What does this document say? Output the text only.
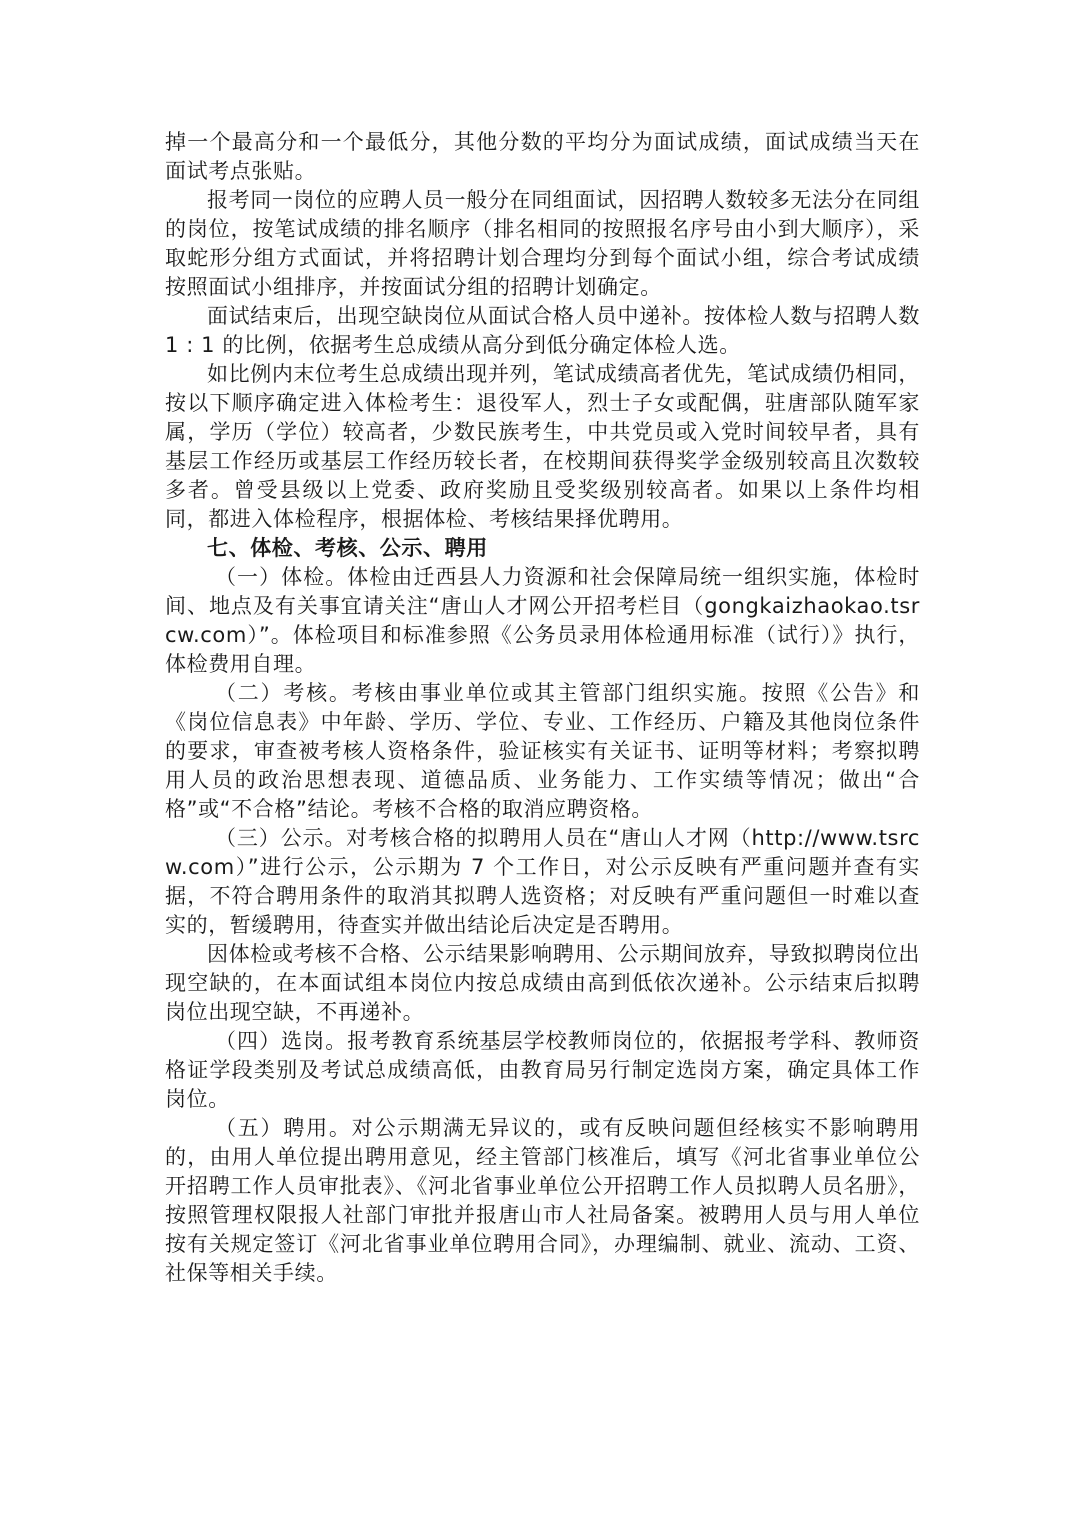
掉一个最高分和一个最低分，其他分数的平均分为面试成绩，面试成绩当天在面试考点张贴。

报考同一岗位的应聘人员一般分在同组面试，因招聘人数较多无法分在同组的岗位，按笔试成绩的排名顺序（排名相同的按照报名序号由小到大顺序），采取蛇形分组方式面试，并将招聘计划合理均分到每个面试小组，综合考试成绩按照面试小组排序，并按面试分组的招聘计划确定。

面试结束后，出现空缺岗位从面试合格人员中递补。按体检人数与招聘人数 1 : 1 的比例，依据考生总成绩从高分到低分确定体检人选。

如比例内末位考生总成绩出现并列，笔试成绩高者优先，笔试成绩仍相同，按以下顺序确定进入体检考生：退役军人，烈士子女或配偶，驻唐部队随军家属，学历（学位）较高者，少数民族考生，中共党员或入党时间较早者，具有基层工作经历或基层工作经历较长者，在校期间获得奖学金级别较高且次数较多者。曾受县级以上党委、政府奖励且受奖级别较高者。如果以上条件均相同，都进入体检程序，根据体检、考核结果择优聘用。

七、体检、考核、公示、聘用

（一）体检。体检由迁西县人力资源和社会保障局统一组织实施，体检时间、地点及有关事宜请关注“唐山人才网公开招考栏目（gongkaizhaokao.tsrcw.com）”。体检项目和标准参照《公务员录用体检通用标准（试行）》执行，体检费用自理。

（二）考核。考核由事业单位或其主管部门组织实施。按照《公告》和《岗位信息表》中年龄、学历、学位、专业、工作经历、户籍及其他岗位条件的要求，审查被考核人资格条件，验证核实有关证书、证明等材料；考察拟聘用人员的政治思想表现、道德品质、业务能力、工作实绩等情况；做出“合格”或“不合格”结论。考核不合格的取消应聘资格。

（三）公示。对考核合格的拟聘用人员在“唐山人才网（http://www.tsrcw.com）”进行公示，公示期为 7 个工作日，对公示反映有严重问题并查有实据，不符合聘用条件的取消其拟聘人选资格；对反映有严重问题但一时难以查实的，暂缓聘用，待查实并做出结论后决定是否聘用。

因体检或考核不合格、公示结果影响聘用、公示期间放弃，导致拟聘岗位出现空缺的，在本面试组本岗位内按总成绩由高到低依次递补。公示结束后拟聘岗位出现空缺，不再递补。

（四）选岗。报考教育系统基层学校教师岗位的，依据报考学科、教师资格证学段类别及考试总成绩高低，由教育局另行制定选岗方案，确定具体工作岗位。

（五）聘用。对公示期满无异议的，或有反映问题但经核实不影响聘用的，由用人单位提出聘用意见，经主管部门核准后，填写《河北省事业单位公开招聘工作人员审批表》、《河北省事业单位公开招聘工作人员拟聘人员名册》，按照管理权限报人社部门审批并报唐山市人社局备案。被聘用人员与用人单位按有关规定签订《河北省事业单位聘用合同》，办理编制、就业、流动、工资、社保等相关手续。
